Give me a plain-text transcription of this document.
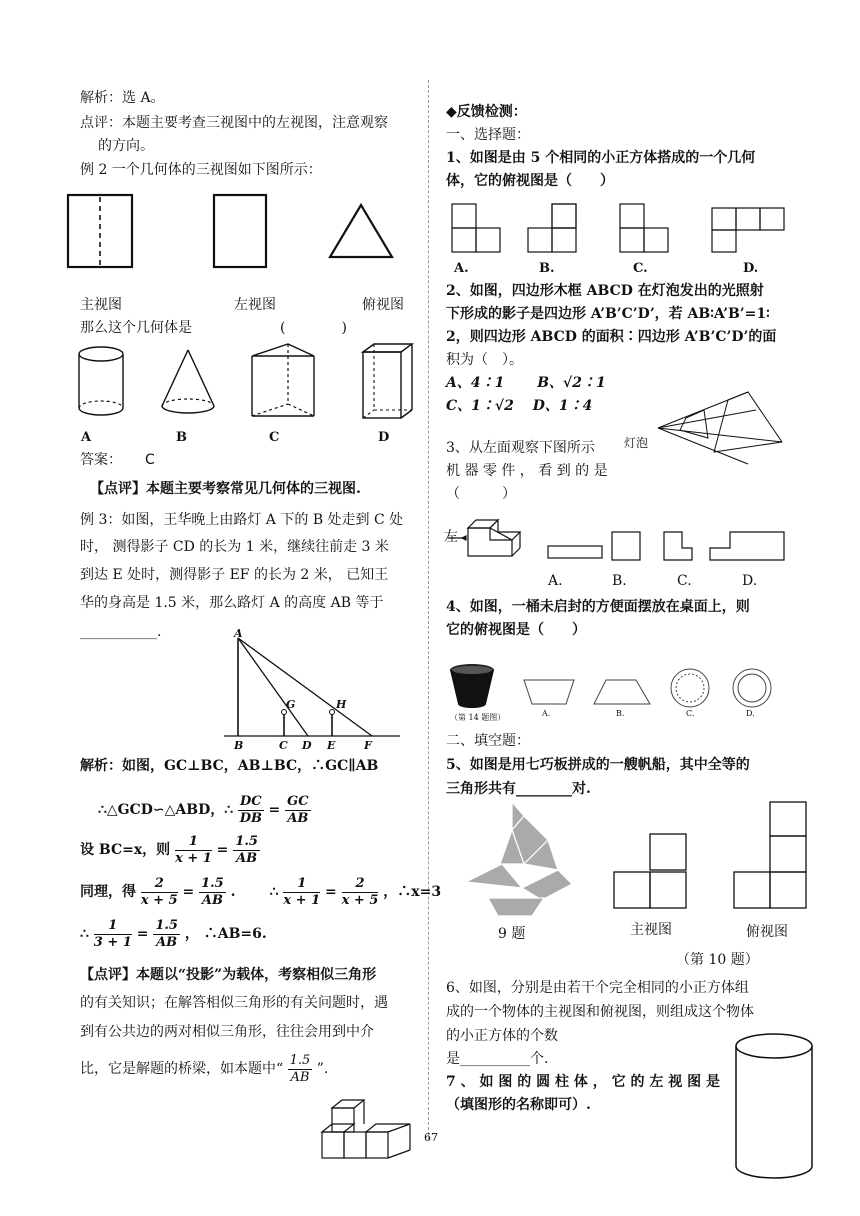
解析：选 A。
点评：本题主要考查三视图中的左视图，注意观察
的方向。
例 2 一个几何体的三视图如下图所示：
主视图	左视图	俯视图
那么这个几何体是	(　　　　)
A	B	C	D
答案： C
【点评】本题主要考察常见几何体的三视图.
例 3：如图，王华晚上由路灯 A 下的 B 处走到 C 处
时， 测得影子 CD 的长为 1 米，继续往前走 3 米
到达 E 处时，测得影子 EF 的长为 2 米， 已知王
华的身高是 1.5 米，那么路灯 A 的高度 AB 等于
___________.	A
G	H
B	C D E	F
解析：如图，GC⊥BC，AB⊥BC，∴GC∥AB
∴△GCD∽△ABD，∴ $\frac{DC}{DB} = \frac{GC}{AB}$
设 BC=x，则 $\frac{1}{x + 1} = \frac{1.5}{AB}$
同理，得 $\frac{2}{x + 5} = \frac{1.5}{AB}$ .       ∴ $\frac{1}{x + 1} = \frac{2}{x + 5}$ ，∴x=3
∴ $\frac{1}{3 + 1} = \frac{1.5}{AB}$ ， ∴AB=6.
【点评】本题以“投影”为载体，考察相似三角形
的有关知识；在解答相似三角形的有关问题时，遇
到有公共边的两对相似三角形，往往会用到中介
比，它是解题的桥梁，如本题中“ $\frac{1.5}{AB}$ ”.
67
◆反馈检测：
一、选择题：
1、如图是由 5 个相同的小正方体搭成的一个几何
体，它的俯视图是（　　）
A.	B.	C.	D.
2、如图，四边形木框 ABCD 在灯泡发出的光照射
下形成的影子是四边形 A’B’C’D’，若 AB∶A’B’=1∶
2，则四边形 ABCD 的面积∶四边形 A’B’C’D’的面
积为（　）。
A、4∶1　　 B、√2∶1
C、1∶√2　 D、1∶4
灯泡
3、从左面观察下图所示
机 器 零 件 ， 看 到 的 是
（　　　）
左
A.	B.	C.	D.
4、如图，一桶未启封的方便面摆放在桌面上，则
它的俯视图是（　　）
（第 14 题图）	A.	B.	C.	D.
二、填空题：
5、如图是用七巧板拼成的一艘帆船，其中全等的
三角形共有________对.
9 题	主视图	俯视图
（第 10 题）
6、如图，分别是由若干个完全相同的小正方体组
成的一个物体的主视图和俯视图，则组成这个物体
的小正方体的个数
是__________个.
7 、 如 图 的 圆 柱 体 ， 它 的 左 视 图 是
（填图形的名称即可）.
